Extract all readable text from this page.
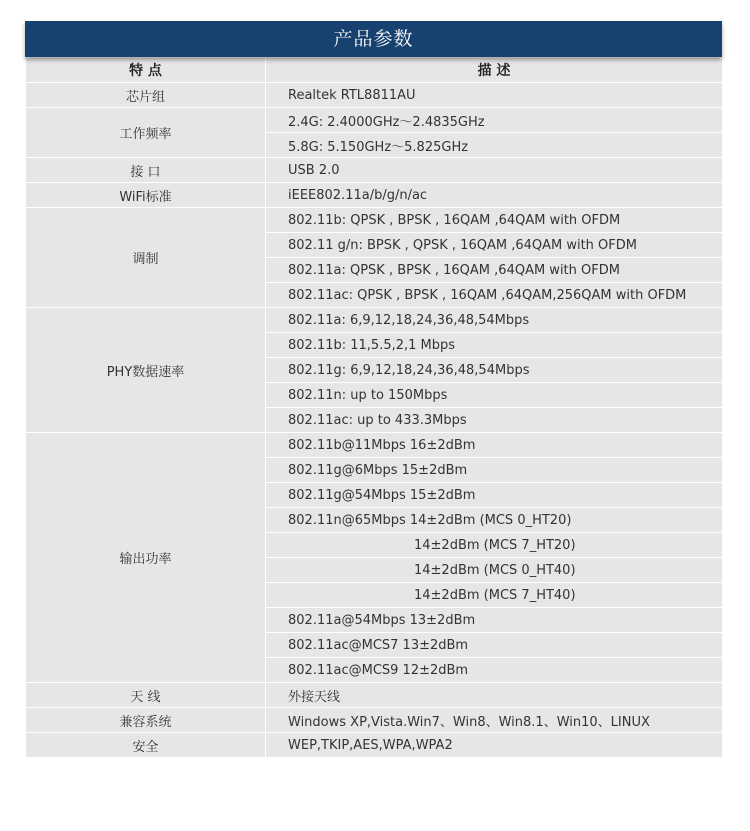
产品参数
特 点	描 述
芯片组	Realtek RTL8811AU
工作频率	2.4G: 2.4000GHz～2.4835GHz
	5.8G: 5.150GHz～5.825GHz
接 口	USB 2.0
WiFi标准	iEEE802.11a/b/g/n/ac
调制	802.11b: QPSK , BPSK , 16QAM ,64QAM with OFDM
	802.11 g/n: BPSK , QPSK , 16QAM ,64QAM with OFDM
	802.11a: QPSK , BPSK , 16QAM ,64QAM with OFDM
	802.11ac: QPSK , BPSK , 16QAM ,64QAM,256QAM with OFDM
PHY数据速率	802.11a: 6,9,12,18,24,36,48,54Mbps
	802.11b: 11,5.5,2,1 Mbps
	802.11g: 6,9,12,18,24,36,48,54Mbps
	802.11n: up to 150Mbps
	802.11ac: up to 433.3Mbps
输出功率	802.11b@11Mbps 16±2dBm
	802.11g@6Mbps 15±2dBm
	802.11g@54Mbps 15±2dBm
	802.11n@65Mbps 14±2dBm (MCS 0_HT20)
	14±2dBm (MCS 7_HT20)
	14±2dBm (MCS 0_HT40)
	14±2dBm (MCS 7_HT40)
	802.11a@54Mbps 13±2dBm
	802.11ac@MCS7 13±2dBm
	802.11ac@MCS9 12±2dBm
天 线	外接天线
兼容系统	Windows XP,Vista.Win7、Win8、Win8.1、Win10、LINUX
安全	WEP,TKIP,AES,WPA,WPA2
